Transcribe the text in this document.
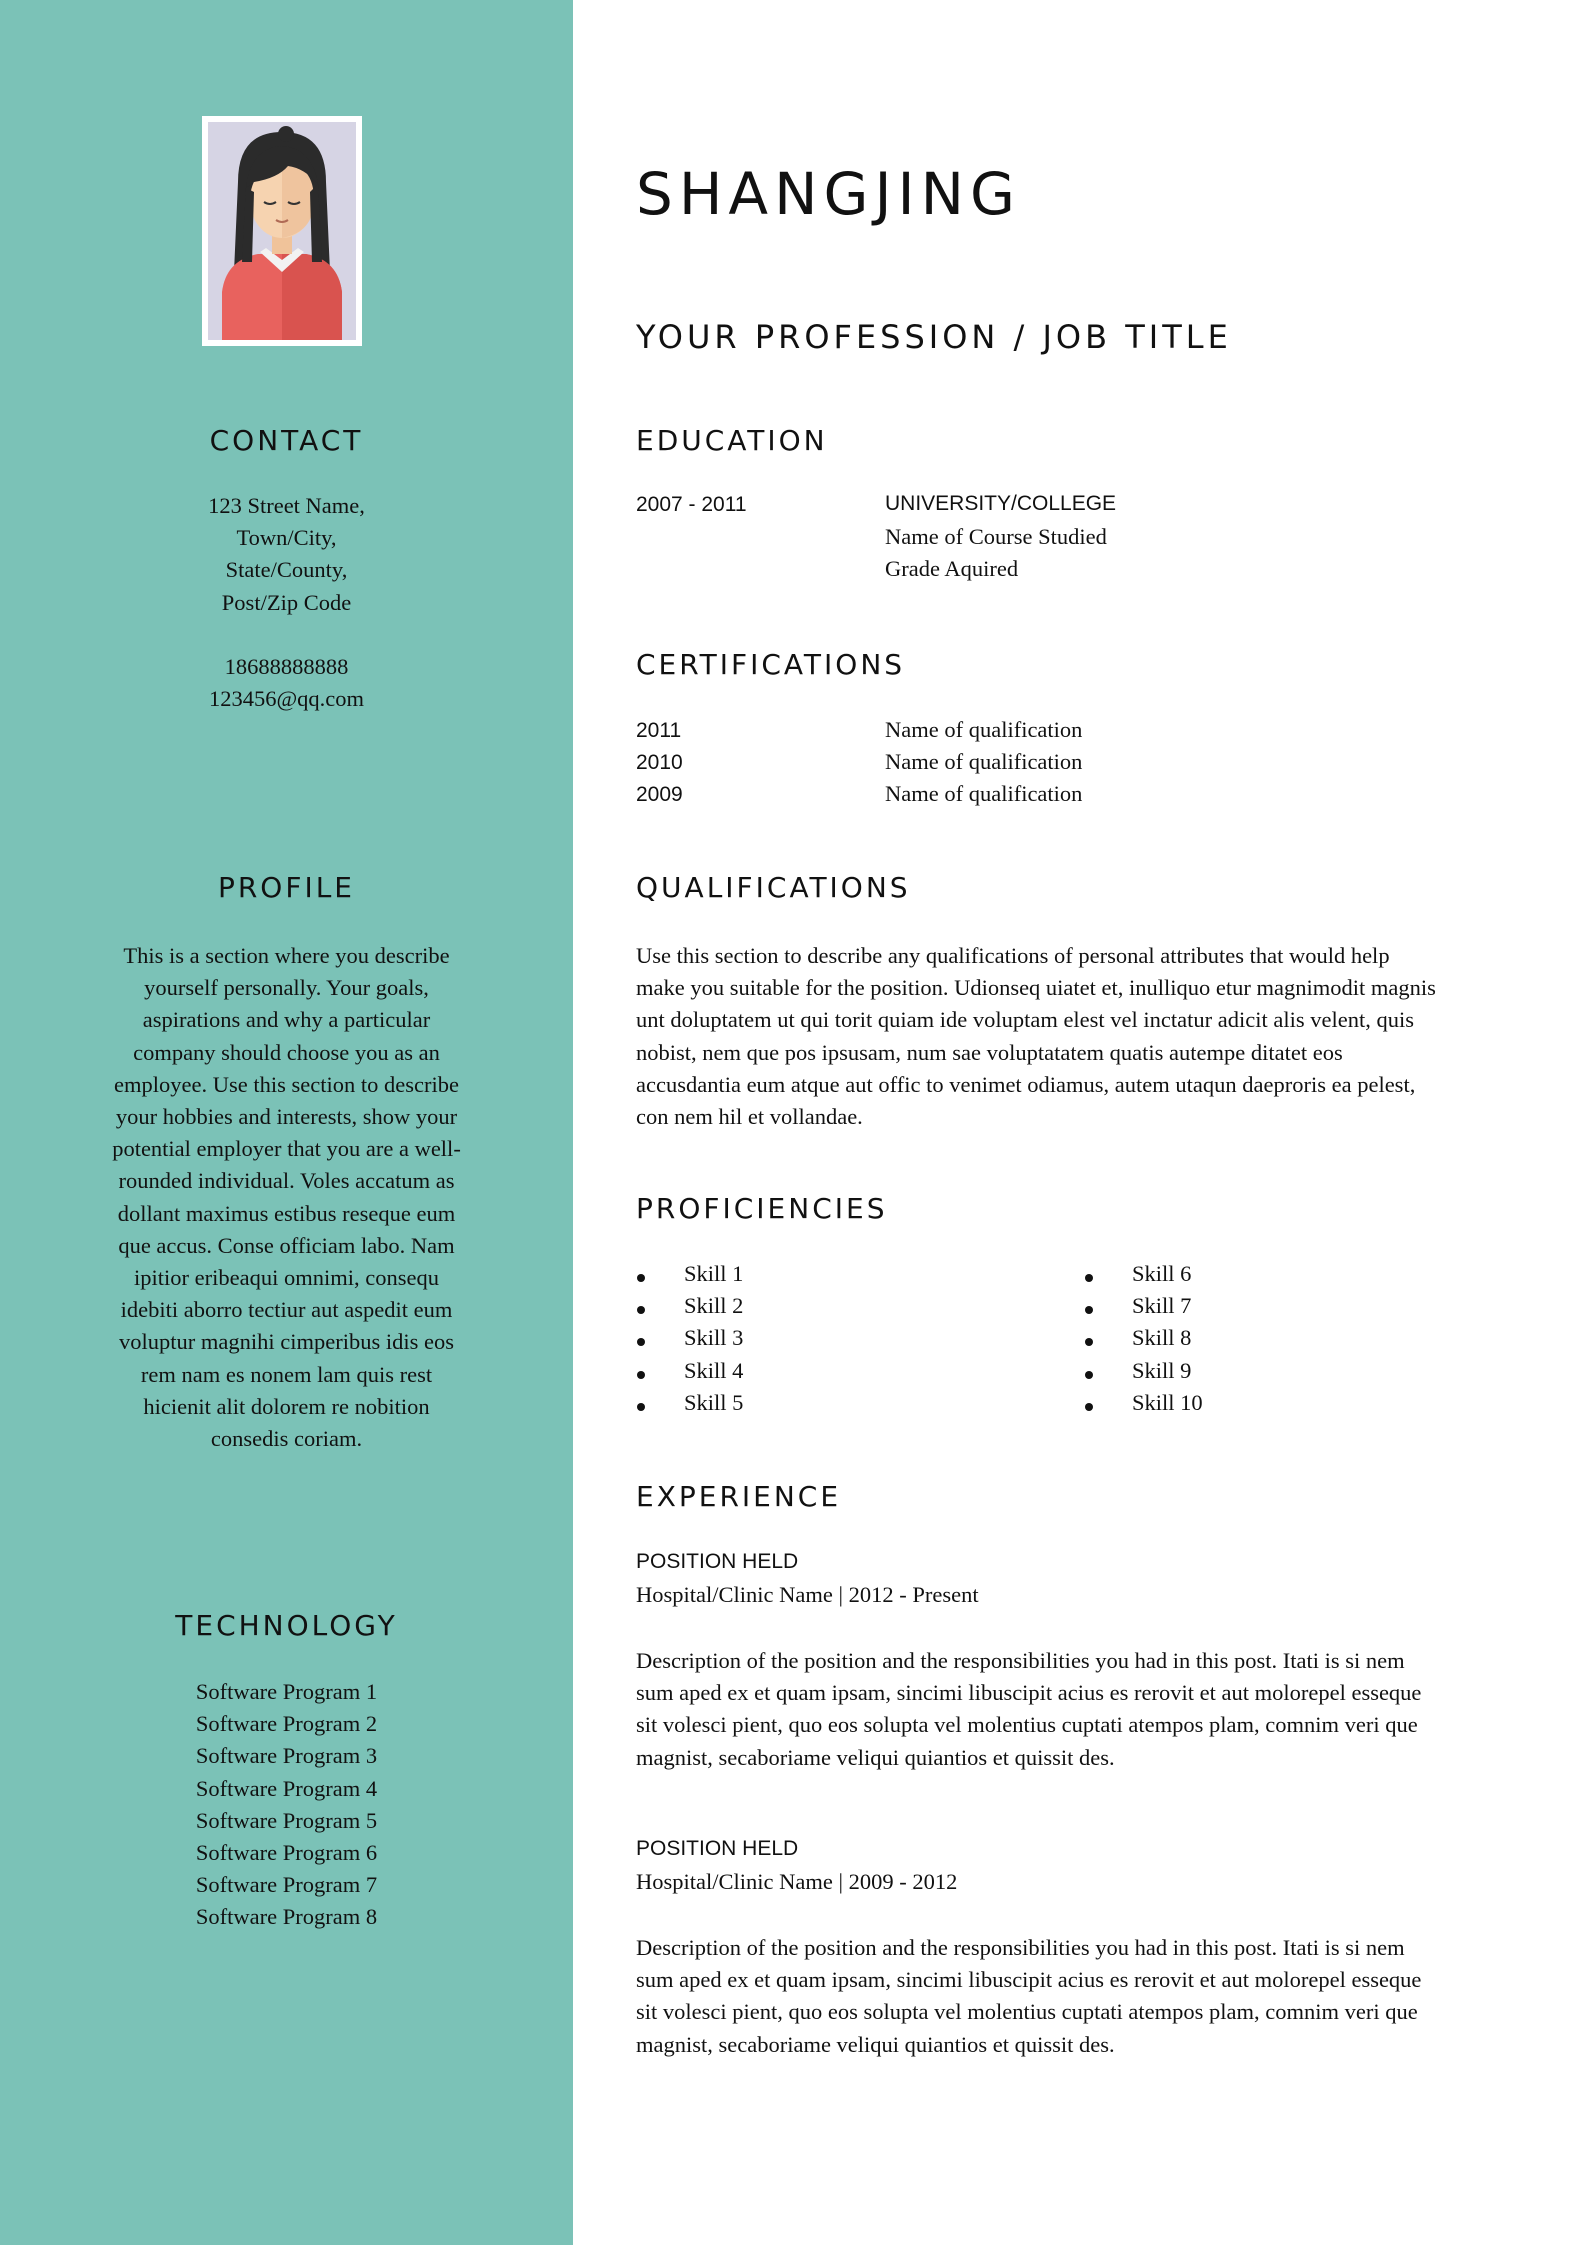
CONTACT
123 Street Name,
Town/City,
State/County,
Post/Zip Code
18688888888
123456@qq.com
PROFILE
This is a section where you describe
yourself personally. Your goals,
aspirations and why a particular
company should choose you as an
employee. Use this section to describe
your hobbies and interests, show your
potential employer that you are a well-
rounded individual. Voles accatum as
dollant maximus estibus reseque eum
que accus. Conse officiam labo. Nam
ipitior eribeaqui omnimi, consequ
idebiti aborro tectiur aut aspedit eum
voluptur magnihi cimperibus idis eos
rem nam es nonem lam quis rest
hicienit alit dolorem re nobition
consedis coriam.
TECHNOLOGY
Software Program 1
Software Program 2
Software Program 3
Software Program 4
Software Program 5
Software Program 6
Software Program 7
Software Program 8
SHANGJING
YOUR PROFESSION / JOB TITLE
EDUCATION
2007 - 2011	UNIVERSITY/COLLEGE
Name of Course Studied
Grade Aquired
CERTIFICATIONS
2011	Name of qualification
2010	Name of qualification
2009	Name of qualification
QUALIFICATIONS
Use this section to describe any qualifications of personal attributes that would help
make you suitable for the position. Udionseq uiatet et, inulliquo etur magnimodit magnis
unt doluptatem ut qui torit quiam ide voluptam elest vel inctatur adicit alis velent, quis
nobist, nem que pos ipsusam, num sae voluptatatem quatis autempe ditatet eos
accusdantia eum atque aut offic to venimet odiamus, autem utaqun daeproris ea pelest,
con nem hil et vollandae.
PROFICIENCIES
Skill 1
Skill 2
Skill 3
Skill 4
Skill 5
Skill 6
Skill 7
Skill 8
Skill 9
Skill 10
EXPERIENCE
POSITION HELD
Hospital/Clinic Name | 2012 - Present
Description of the position and the responsibilities you had in this post. Itati is si nem
sum aped ex et quam ipsam, sincimi libuscipit acius es rerovit et aut molorepel esseque
sit volesci pient, quo eos solupta vel molentius cuptati atempos plam, comnim veri que
magnist, secaboriame veliqui quiantios et quissit des.
POSITION HELD
Hospital/Clinic Name | 2009 - 2012
Description of the position and the responsibilities you had in this post. Itati is si nem
sum aped ex et quam ipsam, sincimi libuscipit acius es rerovit et aut molorepel esseque
sit volesci pient, quo eos solupta vel molentius cuptati atempos plam, comnim veri que
magnist, secaboriame veliqui quiantios et quissit des.
